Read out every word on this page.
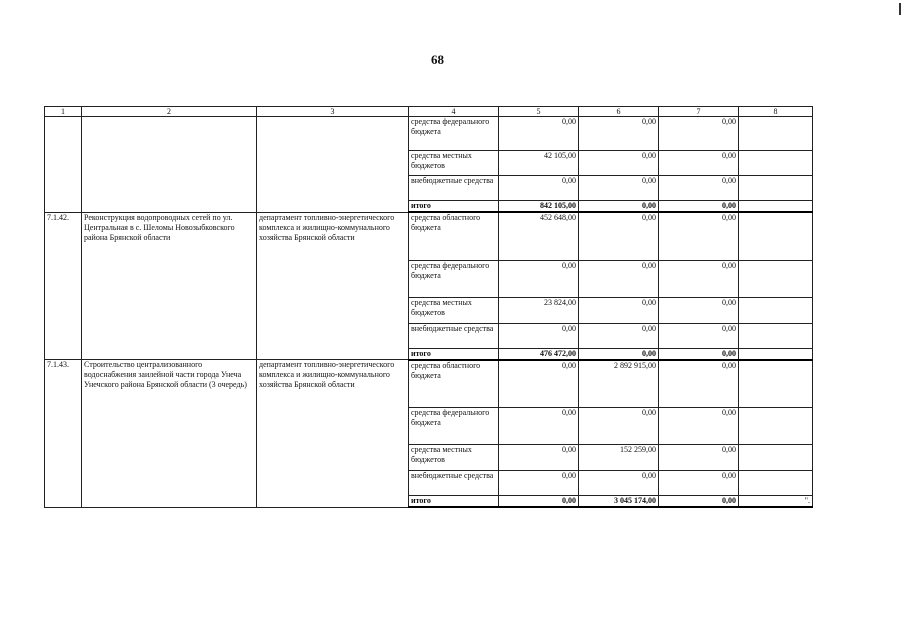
68
1	2	3	4	5	6	7	8
			средства федерального бюджета	0,00	0,00	0,00	
			средства местных бюджетов	42 105,00	0,00	0,00	
			внебюджетные средства	0,00	0,00	0,00	
			итого	842 105,00	0,00	0,00	
7.1.42.	Реконструкция водопроводных сетей по ул. Центральная в с. Шеломы Новозыбковского района Брянской области	департамент топливно-энергетического комплекса и жилищно-коммунального хозяйства Брянской области	средства областного бюджета	452 648,00	0,00	0,00	
			средства федерального бюджета	0,00	0,00	0,00	
			средства местных бюджетов	23 824,00	0,00	0,00	
			внебюджетные средства	0,00	0,00	0,00	
			итого	476 472,00	0,00	0,00	
7.1.43.	Строительство централизованного водоснабжения заилейной части города Унеча Унечского района Брянской области (3 очередь)	департамент топливно-энергетического комплекса и жилищно-коммунального хозяйства Брянской области	средства областного бюджета	0,00	2 892 915,00	0,00	
			средства федерального бюджета	0,00	0,00	0,00	
			средства местных бюджетов	0,00	152 259,00	0,00	
			внебюджетные средства	0,00	0,00	0,00	
			итого	0,00	3 045 174,00	0,00	".
